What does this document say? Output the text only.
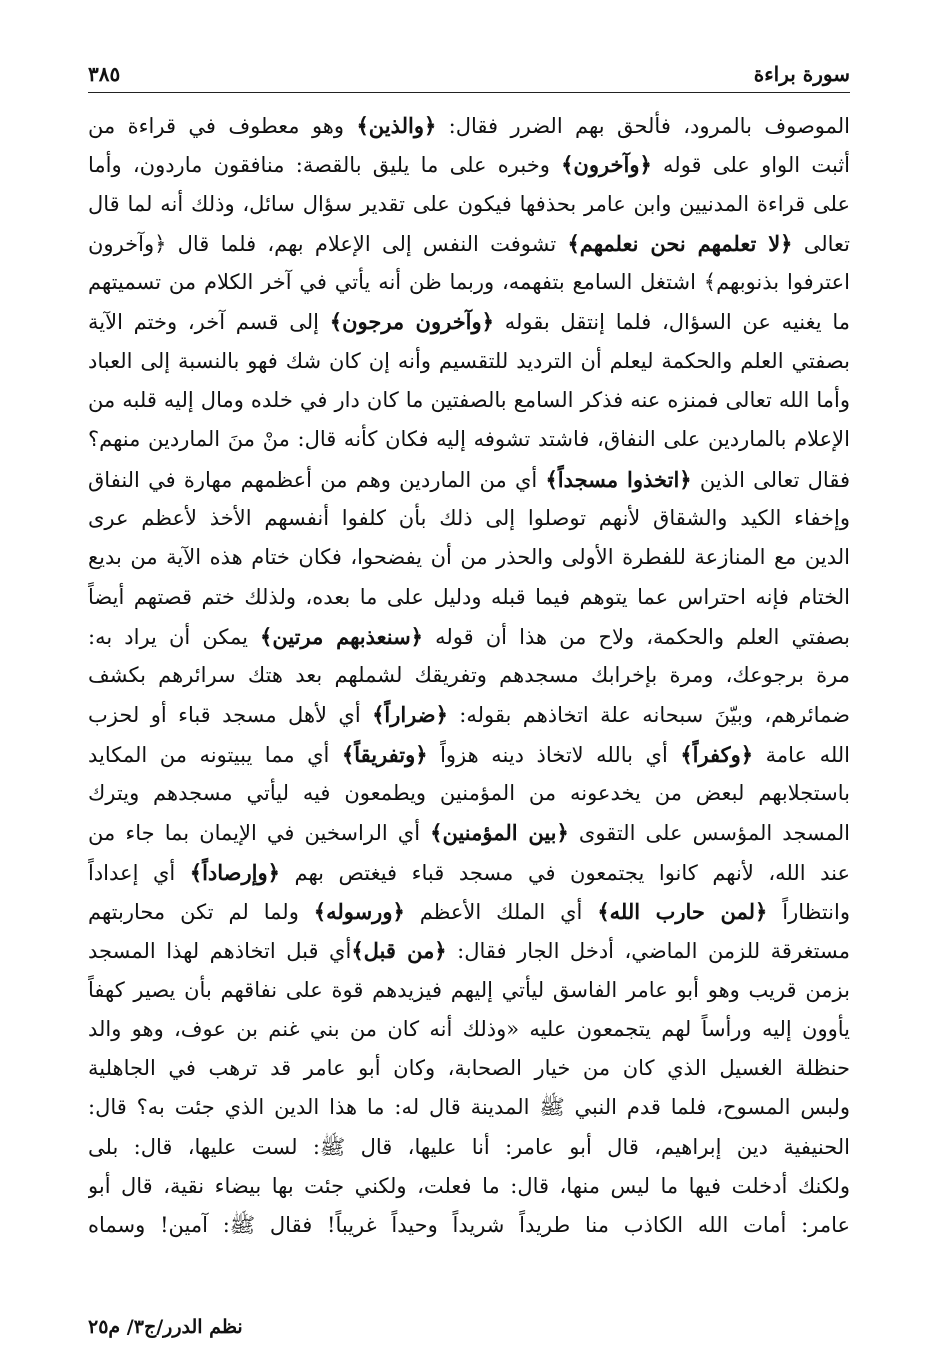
سورة براءة
٣٨٥
الموصوف بالمرود، فألحق بهم الضرر فقال: ﴿والذين﴾ وهو معطوف في قراءة من
أثبت الواو على قوله ﴿وآخرون﴾ وخبره على ما يليق بالقصة: منافقون ماردون، وأما
على قراءة المدنيين وابن عامر بحذفها فيكون على تقدير سؤال سائل، وذلك أنه لما قال
تعالى ﴿لا تعلمهم نحن نعلمهم﴾ تشوفت النفس إلى الإعلام بهم، فلما قال ﴿وآخرون
اعترفوا بذنوبهم﴾ اشتغل السامع بتفهمه، وربما ظن أنه يأتي في آخر الكلام من تسميتهم
ما يغنيه عن السؤال، فلما إنتقل بقوله ﴿وآخرون مرجون﴾ إلى قسم آخر، وختم الآية
بصفتي العلم والحكمة ليعلم أن الترديد للتقسيم وأنه إن كان شك فهو بالنسبة إلى العباد
وأما الله تعالى فمنزه عنه فذكر السامع بالصفتين ما كان دار في خلده ومال إليه قلبه من
الإعلام بالماردين على النفاق، فاشتد تشوفه إليه فكان كأنه قال: منْ منَ الماردين منهم؟
فقال تعالى الذين ﴿اتخذوا مسجداً﴾ أي من الماردين وهم من أعظمهم مهارة في النفاق
وإخفاء الكيد والشقاق لأنهم توصلوا إلى ذلك بأن كلفوا أنفسهم الأخذ لأعظم عرى
الدين مع المنازعة للفطرة الأولى والحذر من أن يفضحوا، فكان ختام هذه الآية من بديع
الختام فإنه احتراس عما يتوهم فيما قبله ودليل على ما بعده، ولذلك ختم قصتهم أيضاً
بصفتي العلم والحكمة، ولاح من هذا أن قوله ﴿سنعذبهم مرتين﴾ يمكن أن يراد به:
مرة برجوعك، ومرة بإخرابك مسجدهم وتفريقك لشملهم بعد هتك سرائرهم بكشف
ضمائرهم، وبيّنَ سبحانه علة اتخاذهم بقوله: ﴿ضراراً﴾ أي لأهل مسجد قباء أو لحزب
الله عامة ﴿وكفراً﴾ أي بالله لاتخاذ دينه هزواً ﴿وتفريقاً﴾ أي مما يبيتونه من المكايد
باستجلابهم لبعض من يخدعونه من المؤمنين ويطمعون فيه ليأتي مسجدهم ويترك
المسجد المؤسس على التقوى ﴿بين المؤمنين﴾ أي الراسخين في الإيمان بما جاء من
عند الله، لأنهم كانوا يجتمعون في مسجد قباء فيغتص بهم ﴿وإرصاداً﴾ أي إعداداً
وانتظاراً ﴿لمن حارب الله﴾ أي الملك الأعظم ﴿ورسوله﴾ ولما لم تكن محاربتهم
مستغرقة للزمن الماضي، أدخل الجار فقال: ﴿من قبل﴾أي قبل اتخاذهم لهذا المسجد
بزمن قريب وهو أبو عامر الفاسق ليأتي إليهم فيزيدهم قوة على نفاقهم بأن يصير كهفاً
يأوون إليه ورأساً لهم يتجمعون عليه «وذلك أنه كان من بني غنم بن عوف، وهو والد
حنظلة الغسيل الذي كان من خيار الصحابة، وكان أبو عامر قد ترهب في الجاهلية
ولبس المسوح، فلما قدم النبي ﷺ المدينة قال له: ما هذا الدين الذي جئت به؟ قال:
الحنيفية دين إبراهيم، قال أبو عامر: أنا عليها، قال ﷺ: لست عليها، قال: بلى
ولكنك أدخلت فيها ما ليس منها، قال: ما فعلت، ولكني جئت بها بيضاء نقية، قال أبو
عامر: أمات الله الكاذب منا طريداً شريداً وحيداً غريباً! فقال ﷺ: آمين! وسماه
نظم الدرر/ج٣/ م٢٥
